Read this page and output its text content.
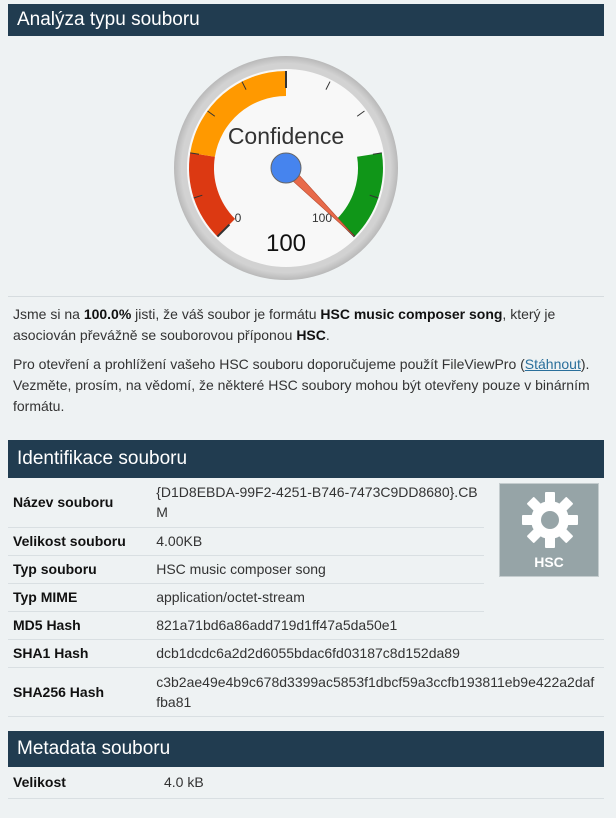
Analýza typu souboru
Confidence
0	100
100
Jsme si na 100.0% jisti, že váš soubor je formátu HSC music composer song, který je asociován převážně se souborovou příponou HSC.
Pro otevření a prohlížení vašeho HSC souboru doporučujeme použít FileViewPro (Stáhnout). Vezměte, prosím, na vědomí, že některé HSC soubory mohou být otevřeny pouze v binárním formátu.
Identifikace souboru
Název souboru	{D1D8EBDA-99F2-4251-B746-7473C9DD8680}.CBM	

Velikost souboru	4.00KB	
Typ souboru	HSC music composer song	
Typ MIME	application/octet-stream	
MD5 Hash	821a71bd6a86add719d1ff47a5da50e1	
SHA1 Hash	dcb1dcdc6a2d2d6055bdac6fd03187c8d152da89	
SHA256 Hash	c3b2ae49e4b9c678d3399ac5853f1dbcf59a3ccfb193811eb9e422a2daffba81	
HSC
Metadata souboru
Velikost	4.0 kB
